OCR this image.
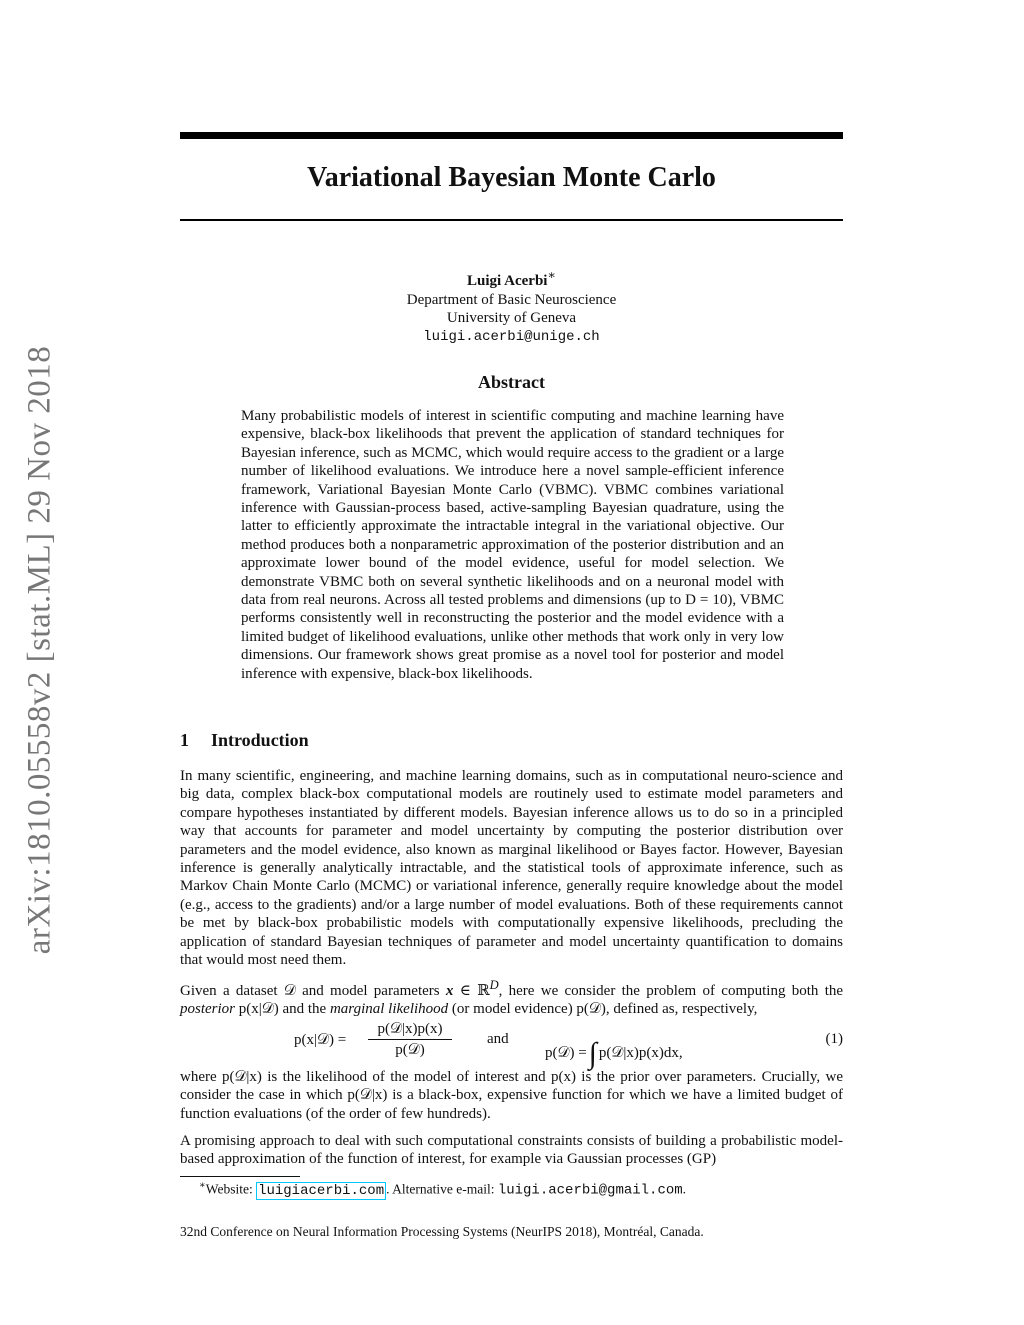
arXiv:1810.05558v2 [stat.ML] 29 Nov 2018
Variational Bayesian Monte Carlo
Luigi Acerbi∗
Department of Basic Neuroscience
University of Geneva
luigi.acerbi@unige.ch
Abstract

Many probabilistic models of interest in scientific computing and machine learning have expensive, black-box likelihoods that prevent the application of standard techniques for Bayesian inference, such as MCMC, which would require access to the gradient or a large number of likelihood evaluations. We introduce here a novel sample-efficient inference framework, Variational Bayesian Monte Carlo (VBMC). VBMC combines variational inference with Gaussian-process based, active-sampling Bayesian quadrature, using the latter to efficiently approximate the intractable integral in the variational objective. Our method produces both a nonparametric approximation of the posterior distribution and an approximate lower bound of the model evidence, useful for model selection. We demonstrate VBMC both on several synthetic likelihoods and on a neuronal model with data from real neurons. Across all tested problems and dimensions (up to D = 10), VBMC performs consistently well in reconstructing the posterior and the model evidence with a limited budget of likelihood evaluations, unlike other methods that work only in very low dimensions. Our framework shows great promise as a novel tool for posterior and model inference with expensive, black-box likelihoods.

1 Introduction

In many scientific, engineering, and machine learning domains, such as in computational neuro-science and big data, complex black-box computational models are routinely used to estimate model parameters and compare hypotheses instantiated by different models. Bayesian inference allows us to do so in a principled way that accounts for parameter and model uncertainty by computing the posterior distribution over parameters and the model evidence, also known as marginal likelihood or Bayes factor. However, Bayesian inference is generally analytically intractable, and the statistical tools of approximate inference, such as Markov Chain Monte Carlo (MCMC) or variational inference, generally require knowledge about the model (e.g., access to the gradients) and/or a large number of model evaluations. Both of these requirements cannot be met by black-box probabilistic models with computationally expensive likelihoods, precluding the application of standard Bayesian techniques of parameter and model uncertainty quantification to domains that would most need them.

Given a dataset 𝒟 and model parameters x ∈ ℝ$^D$, here we consider the problem of computing both the posterior p(x|𝒟) and the marginal likelihood (or model evidence) p(𝒟), defined as, respectively,

p(x|𝒟) =
p(𝒟|x)p(x)
p(𝒟)
and
p(𝒟) =∫ p(𝒟|x)p(x)dx,
(1)

where p(𝒟|x) is the likelihood of the model of interest and p(x) is the prior over parameters. Crucially, we consider the case in which p(𝒟|x) is a black-box, expensive function for which we have a limited budget of function evaluations (of the order of few hundreds).

A promising approach to deal with such computational constraints consists of building a probabilistic model-based approximation of the function of interest, for example via Gaussian processes (GP)

∗Website: luigiacerbi.com . Alternative e-mail: luigi.acerbi@gmail.com.
32nd Conference on Neural Information Processing Systems (NeurIPS 2018), Montréal, Canada.
